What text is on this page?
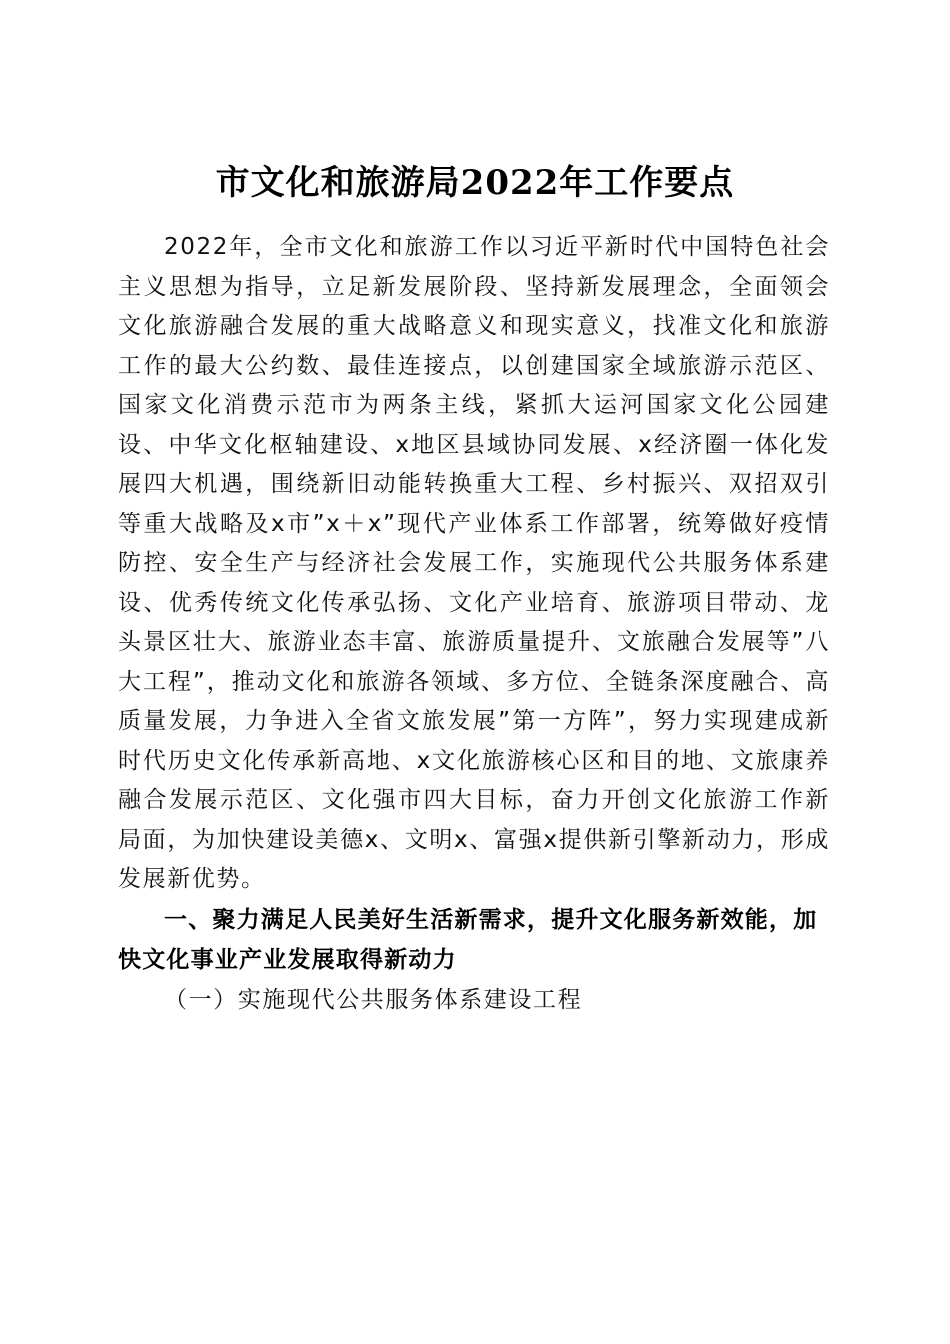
市文化和旅游局2022年工作要点

2022年，全市文化和旅游工作以习近平新时代中国特色社会主义思想为指导，立足新发展阶段、坚持新发展理念，全面领会文化旅游融合发展的重大战略意义和现实意义，找准文化和旅游工作的最大公约数、最佳连接点，以创建国家全域旅游示范区、国家文化消费示范市为两条主线，紧抓大运河国家文化公园建设、中华文化枢轴建设、x地区县域协同发展、x经济圈一体化发展四大机遇，围绕新旧动能转换重大工程、乡村振兴、双招双引等重大战略及x市”x＋x”现代产业体系工作部署，统筹做好疫情防控、安全生产与经济社会发展工作，实施现代公共服务体系建设、优秀传统文化传承弘扬、文化产业培育、旅游项目带动、龙头景区壮大、旅游业态丰富、旅游质量提升、文旅融合发展等”八大工程”，推动文化和旅游各领域、多方位、全链条深度融合、高质量发展，力争进入全省文旅发展”第一方阵”，努力实现建成新时代历史文化传承新高地、x文化旅游核心区和目的地、文旅康养融合发展示范区、文化强市四大目标，奋力开创文化旅游工作新局面，为加快建设美德x、文明x、富强x提供新引擎新动力，形成发展新优势。

一、聚力满足人民美好生活新需求，提升文化服务新效能，加快文化事业产业发展取得新动力

（一）实施现代公共服务体系建设工程
